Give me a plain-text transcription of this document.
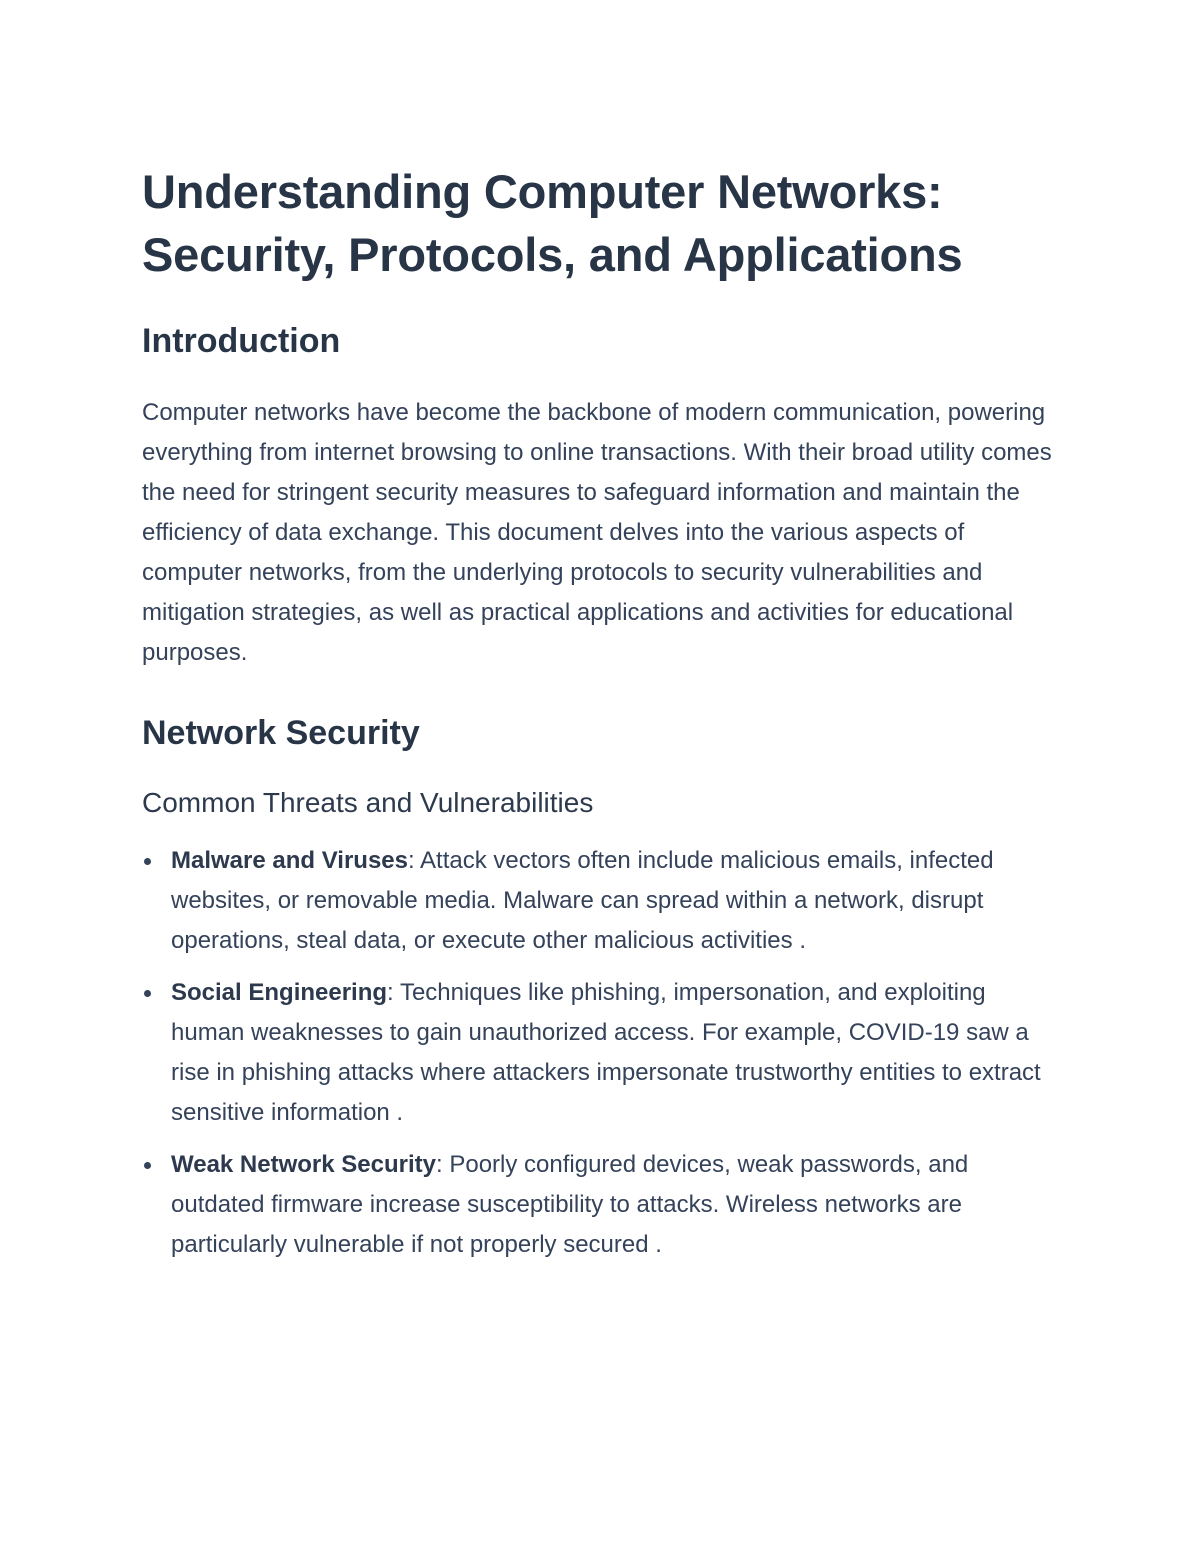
Understanding Computer Networks: Security, Protocols, and Applications
Introduction

Computer networks have become the backbone of modern communication, powering everything from internet browsing to online transactions. With their broad utility comes the need for stringent security measures to safeguard information and maintain the efficiency of data exchange. This document delves into the various aspects of computer networks, from the underlying protocols to security vulnerabilities and mitigation strategies, as well as practical applications and activities for educational purposes.

Network Security
Common Threats and Vulnerabilities
Malware and Viruses: Attack vectors often include malicious emails, infected websites, or removable media. Malware can spread within a network, disrupt operations, steal data, or execute other malicious activities .
Social Engineering: Techniques like phishing, impersonation, and exploiting human weaknesses to gain unauthorized access. For example, COVID-19 saw a rise in phishing attacks where attackers impersonate trustworthy entities to extract sensitive information .
Weak Network Security: Poorly configured devices, weak passwords, and outdated firmware increase susceptibility to attacks. Wireless networks are particularly vulnerable if not properly secured .
